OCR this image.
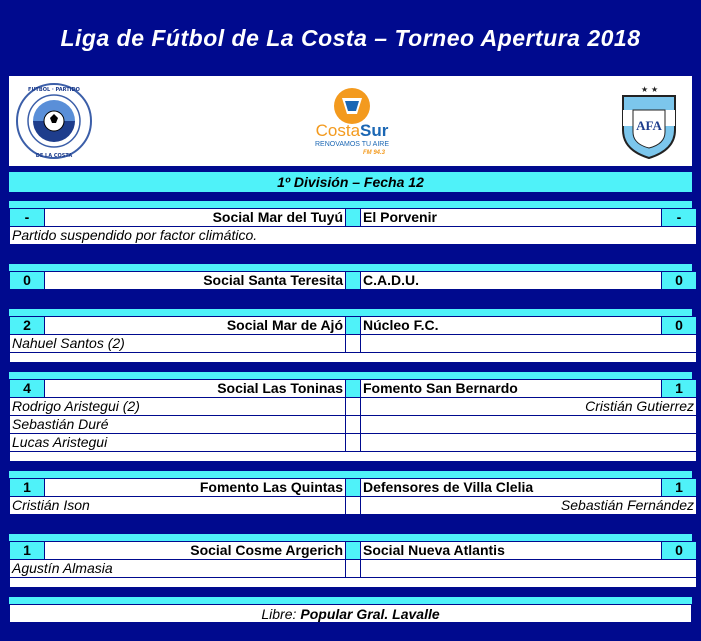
Liga de Fútbol de La Costa – Torneo Apertura 2018
FUTBOL · PARTIDO
DE LA COSTA
CostaSur
RENOVAMOS TU AIRE
FM 94.3
★ ★
AFA
1º División – Fecha 12
-	Social Mar del Tuyú		El Porvenir	-
Partido suspendido por factor climático.
0	Social Santa Teresita		C.A.D.U.	0
2	Social Mar de Ajó		Núcleo F.C.	0
Nahuel Santos (2)				

4	Social Las Toninas		Fomento San Bernardo	1
Rodrigo Aristegui (2)			Cristián Gutierrez	
Sebastián Duré				
Lucas Aristegui				

1	Fomento Las Quintas		Defensores de Villa Clelia	1
Cristián Ison			Sebastián Fernández	
1	Social Cosme Argerich		Social Nueva Atlantis	0
Agustín Almasia				

Libre: Popular Gral. Lavalle
